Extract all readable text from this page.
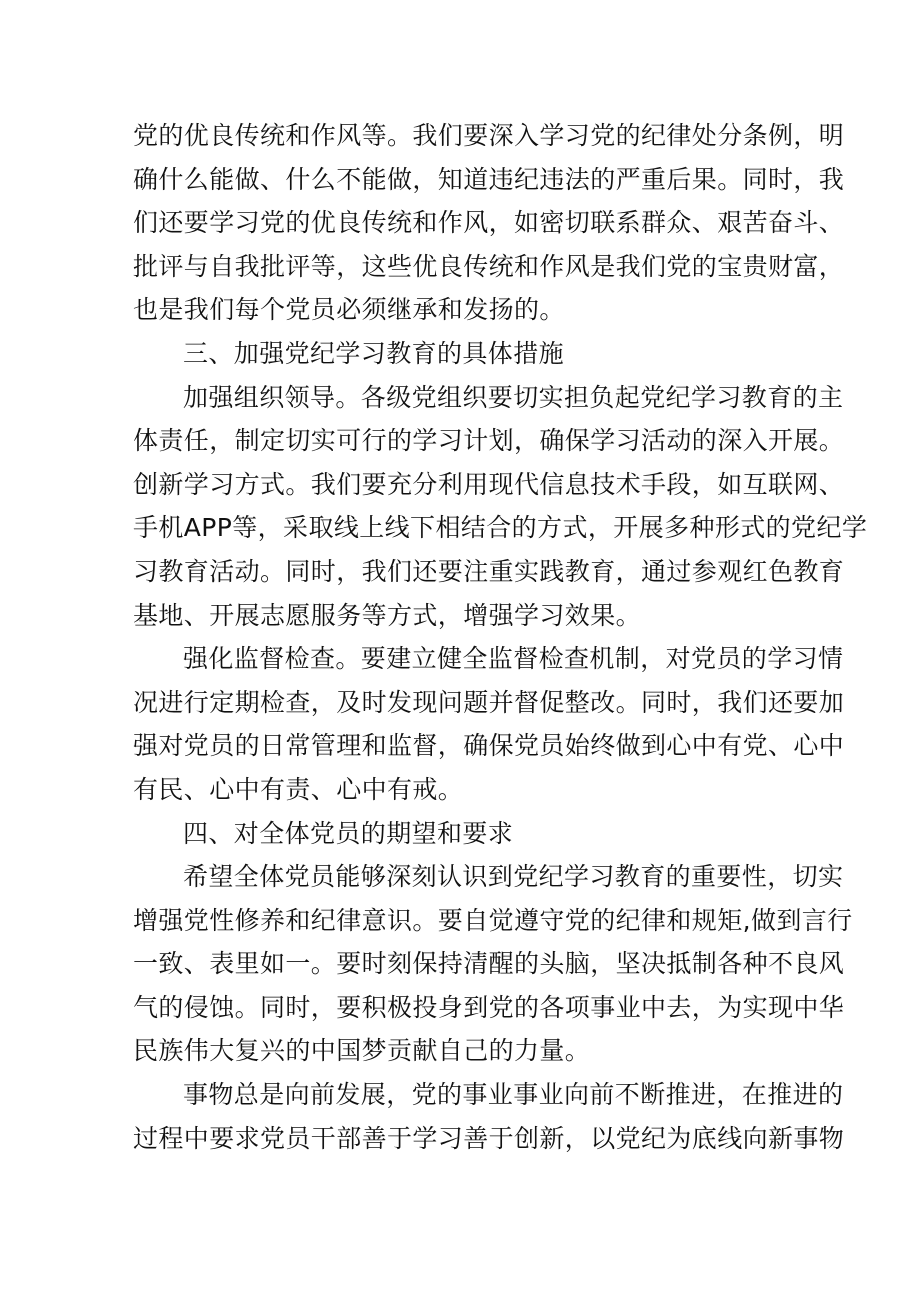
党的优良传统和作风等。我们要深入学习党的纪律处分条例，明
确什么能做、什么不能做，知道违纪违法的严重后果。同时，我
们还要学习党的优良传统和作风，如密切联系群众、艰苦奋斗、
批评与自我批评等，这些优良传统和作风是我们党的宝贵财富，
也是我们每个党员必须继承和发扬的。
三、加强党纪学习教育的具体措施
加强组织领导。各级党组织要切实担负起党纪学习教育的主
体责任，制定切实可行的学习计划，确保学习活动的深入开展。
创新学习方式。我们要充分利用现代信息技术手段，如互联网、
手机APP等，采取线上线下相结合的方式，开展多种形式的党纪学
习教育活动。同时，我们还要注重实践教育，通过参观红色教育
基地、开展志愿服务等方式，增强学习效果。
强化监督检查。要建立健全监督检查机制，对党员的学习情
况进行定期检查，及时发现问题并督促整改。同时，我们还要加
强对党员的日常管理和监督，确保党员始终做到心中有党、心中
有民、心中有责、心中有戒。
四、对全体党员的期望和要求
希望全体党员能够深刻认识到党纪学习教育的重要性，切实
增强党性修养和纪律意识。要自觉遵守党的纪律和规矩,做到言行
一致、表里如一。要时刻保持清醒的头脑，坚决抵制各种不良风
气的侵蚀。同时，要积极投身到党的各项事业中去，为实现中华
民族伟大复兴的中国梦贡献自己的力量。
事物总是向前发展，党的事业事业向前不断推进，在推进的
过程中要求党员干部善于学习善于创新，以党纪为底线向新事物
